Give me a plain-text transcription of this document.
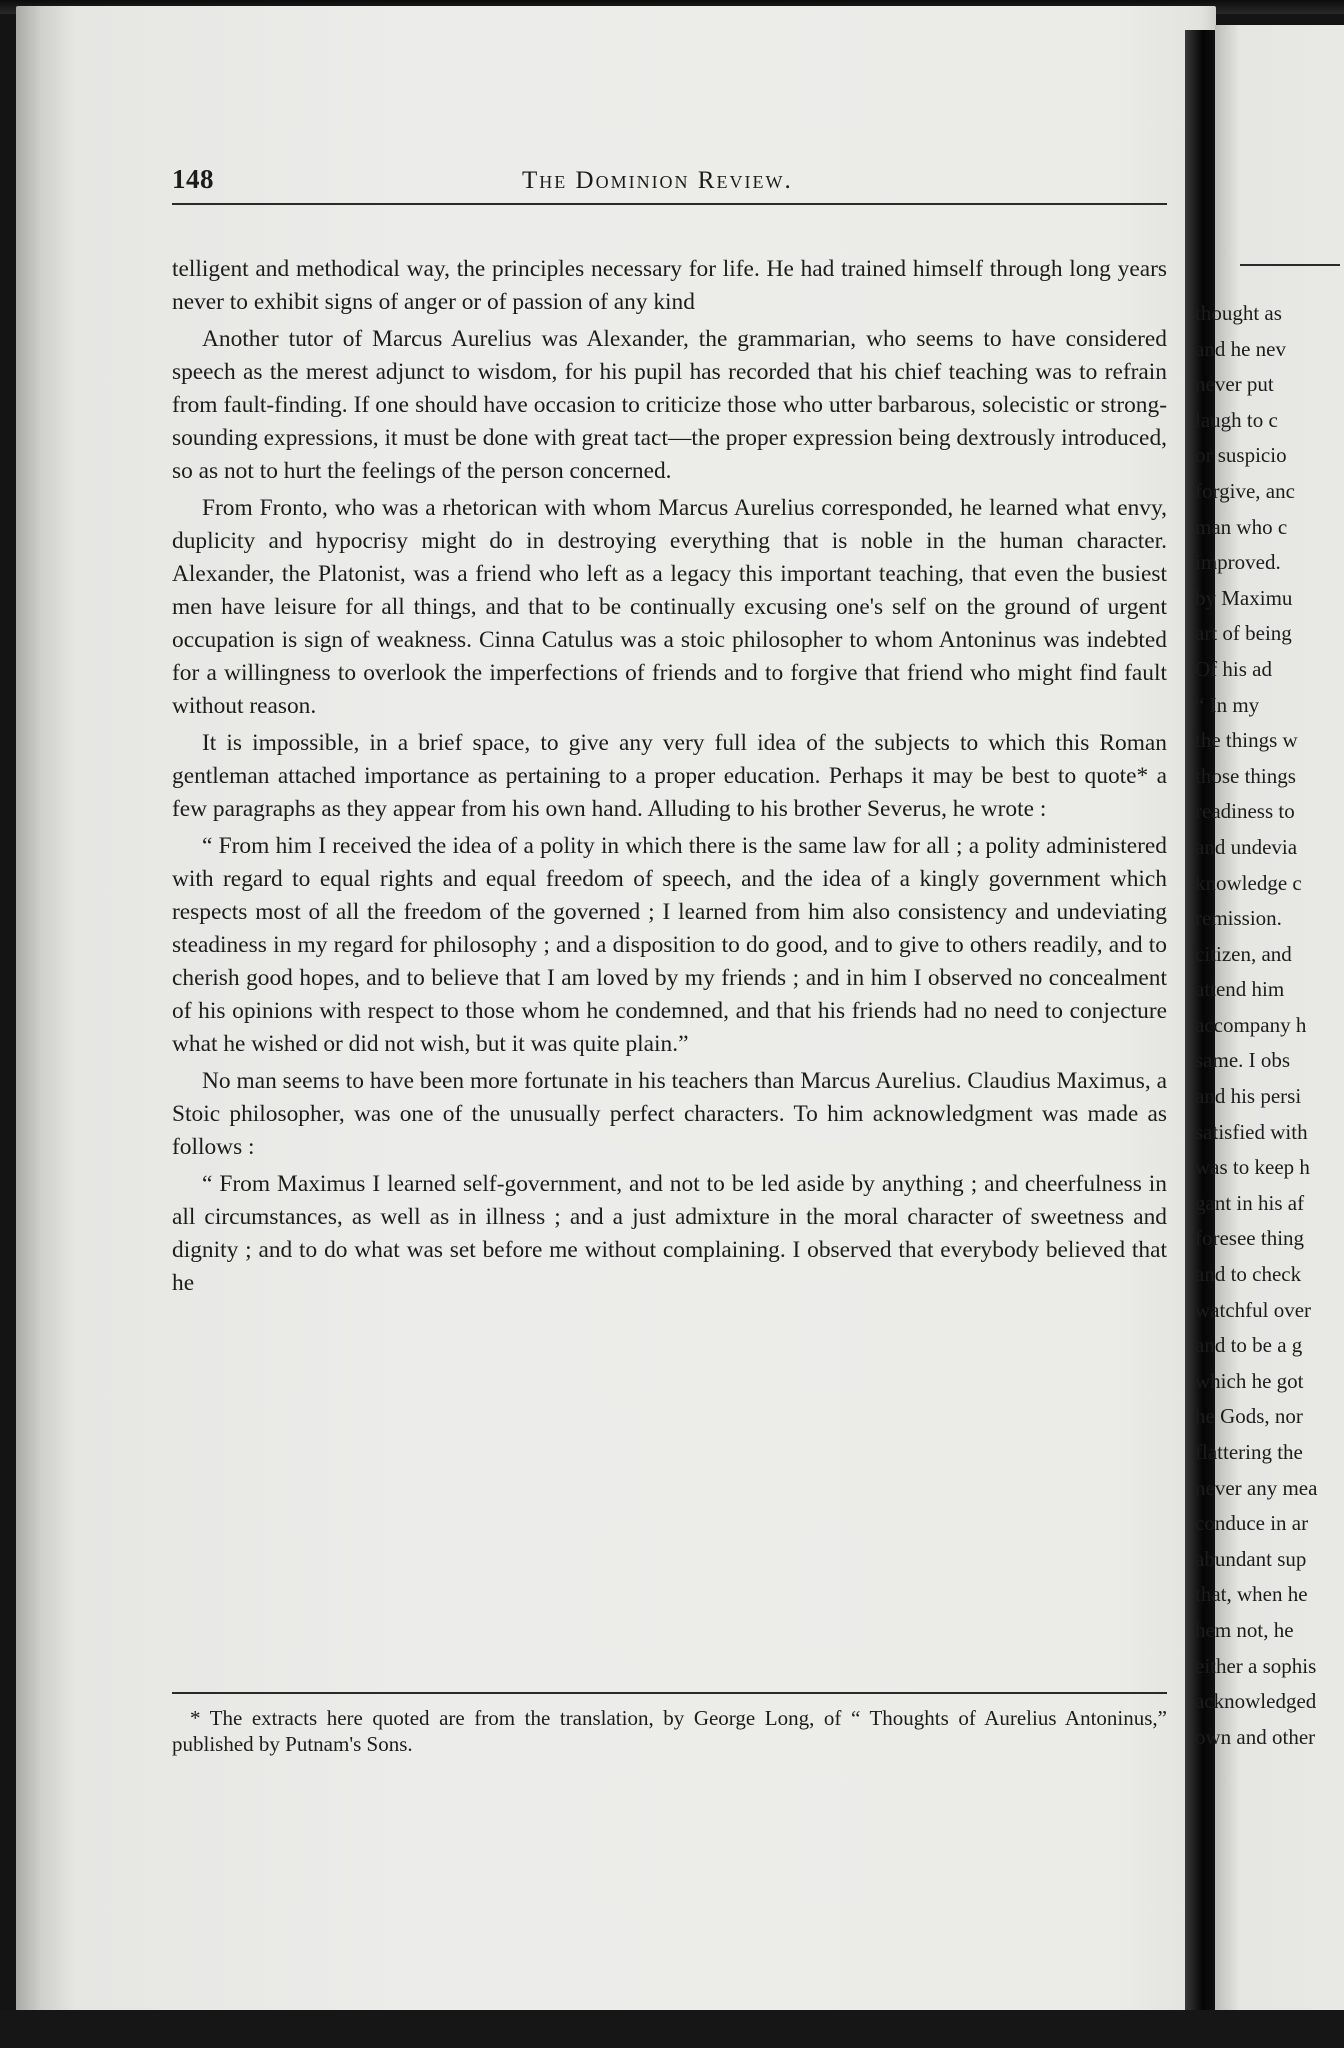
148	The Dominion Review.

telligent and methodical way, the principles necessary for life. He had trained himself through long years never to exhibit signs of anger or of passion of any kind

Another tutor of Marcus Aurelius was Alexander, the grammarian, who seems to have considered speech as the merest adjunct to wisdom, for his pupil has recorded that his chief teaching was to refrain from fault-finding. If one should have occasion to criticize those who utter barbarous, solecistic or strong-sounding expressions, it must be done with great tact—the proper expression being dextrously introduced, so as not to hurt the feelings of the person concerned.

From Fronto, who was a rhetorican with whom Marcus Aurelius corresponded, he learned what envy, duplicity and hypocrisy might do in destroying everything that is noble in the human character. Alexander, the Platonist, was a friend who left as a legacy this important teaching, that even the busiest men have leisure for all things, and that to be continually excusing one's self on the ground of urgent occupation is sign of weakness. Cinna Catulus was a stoic philosopher to whom Antoninus was indebted for a willingness to overlook the imperfections of friends and to forgive that friend who might find fault without reason.

It is impossible, in a brief space, to give any very full idea of the subjects to which this Roman gentleman attached importance as pertaining to a proper education. Perhaps it may be best to quote* a few paragraphs as they appear from his own hand. Alluding to his brother Severus, he wrote :

“ From him I received the idea of a polity in which there is the same law for all ; a polity administered with regard to equal rights and equal freedom of speech, and the idea of a kingly government which respects most of all the freedom of the governed ; I learned from him also consistency and undeviating steadiness in my regard for philosophy ; and a disposition to do good, and to give to others readily, and to cherish good hopes, and to believe that I am loved by my friends ; and in him I observed no concealment of his opinions with respect to those whom he condemned, and that his friends had no need to conjecture what he wished or did not wish, but it was quite plain.”

No man seems to have been more fortunate in his teachers than Marcus Aurelius. Claudius Maximus, a Stoic philosopher, was one of the unusually perfect characters. To him acknowledgment was made as follows :

“ From Maximus I learned self-government, and not to be led aside by anything ; and cheerfulness in all circumstances, as well as in illness ; and a just admixture in the moral character of sweetness and dignity ; and to do what was set before me without complaining. I observed that everybody believed that he

* The extracts here quoted are from the translation, by George Long, of “ Thoughts of Aurelius Antoninus,” published by Putnam's Sons.
thought as
and he nev
never put
laugh to c
or suspicio
forgive, anc
man who c
improved.
by Maximu
art of being
Of his ad
“ In my
the things w
those things
readiness to
and undevia
knowledge c
remission.
citizen, and
attend him
accompany h
same. I obs
and his persi
satisfied with
was to keep h
gant in his af
foresee thing
and to check
watchful over
and to be a g
which he got
he Gods, nor
flattering the
never any mea
conduce in ar
abundant sup
that, when he
hem not, he
either a sophis
acknowledged
own and other
